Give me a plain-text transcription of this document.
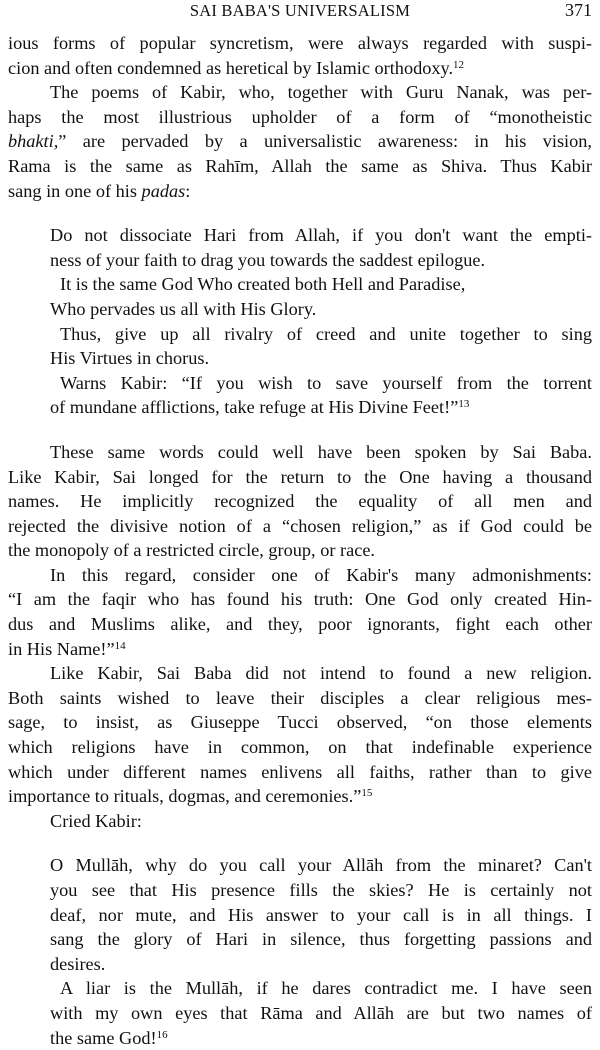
SAI BABA'S UNIVERSALISM	371
ious forms of popular syncretism, were always regarded with suspi-
cion and often condemned as heretical by Islamic orthodoxy.$^{12}$
The poems of Kabir, who, together with Guru Nanak, was per-
haps the most illustrious upholder of a form of “monotheistic
bhakti,” are pervaded by a universalistic awareness: in his vision,
Rama is the same as Rahīm, Allah the same as Shiva. Thus Kabir
sang in one of his padas:
Do not dissociate Hari from Allah, if you don't want the empti-
ness of your faith to drag you towards the saddest epilogue.
It is the same God Who created both Hell and Paradise,
Who pervades us all with His Glory.
Thus, give up all rivalry of creed and unite together to sing
His Virtues in chorus.
Warns Kabir: “If you wish to save yourself from the torrent
of mundane afflictions, take refuge at His Divine Feet!”$^{13}$
These same words could well have been spoken by Sai Baba.
Like Kabir, Sai longed for the return to the One having a thousand
names. He implicitly recognized the equality of all men and
rejected the divisive notion of a “chosen religion,” as if God could be
the monopoly of a restricted circle, group, or race.
In this regard, consider one of Kabir's many admonishments:
“I am the faqir who has found his truth: One God only created Hin-
dus and Muslims alike, and they, poor ignorants, fight each other
in His Name!”$^{14}$
Like Kabir, Sai Baba did not intend to found a new religion.
Both saints wished to leave their disciples a clear religious mes-
sage, to insist, as Giuseppe Tucci observed, “on those elements
which religions have in common, on that indefinable experience
which under different names enlivens all faiths, rather than to give
importance to rituals, dogmas, and ceremonies.”$^{15}$
Cried Kabir:
O Mullāh, why do you call your Allāh from the minaret? Can't
you see that His presence fills the skies? He is certainly not
deaf, nor mute, and His answer to your call is in all things. I
sang the glory of Hari in silence, thus forgetting passions and
desires.
A liar is the Mullāh, if he dares contradict me. I have seen
with my own eyes that Rāma and Allāh are but two names of
the same God!$^{16}$
